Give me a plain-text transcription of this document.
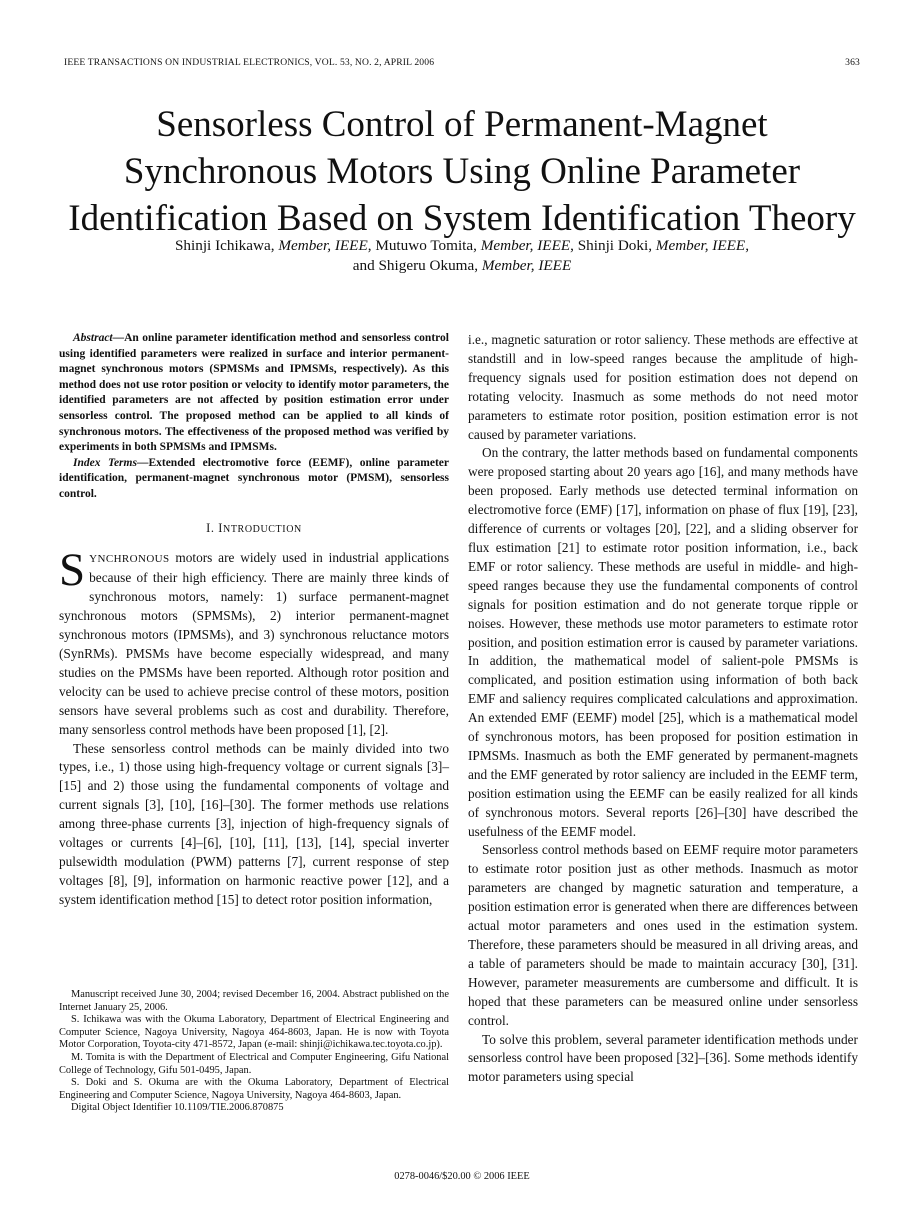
IEEE TRANSACTIONS ON INDUSTRIAL ELECTRONICS, VOL. 53, NO. 2, APRIL 2006	363
Sensorless Control of Permanent-Magnet
Synchronous Motors Using Online Parameter
Identification Based on System Identification Theory
Shinji Ichikawa, Member, IEEE, Mutuwo Tomita, Member, IEEE, Shinji Doki, Member, IEEE,
and Shigeru Okuma, Member, IEEE

Abstract—An online parameter identification method and sensorless control using identified parameters were realized in surface and interior permanent-magnet synchronous motors (SPMSMs and IPMSMs, respectively). As this method does not use rotor position or velocity to identify motor parameters, the identified parameters are not affected by position estimation error under sensorless control. The proposed method can be applied to all kinds of synchronous motors. The effectiveness of the proposed method was verified by experiments in both SPMSMs and IPMSMs.

Index Terms—Extended electromotive force (EEMF), online parameter identification, permanent-magnet synchronous motor (PMSM), sensorless control.

I. INTRODUCTION

SYNCHRONOUS motors are widely used in industrial applications because of their high efficiency. There are mainly three kinds of synchronous motors, namely: 1) surface permanent-magnet synchronous motors (SPMSMs), 2) interior permanent-magnet synchronous motors (IPMSMs), and 3) synchronous reluctance motors (SynRMs). PMSMs have become especially widespread, and many studies on the PMSMs have been reported. Although rotor position and velocity can be used to achieve precise control of these motors, position sensors have several problems such as cost and durability. Therefore, many sensorless control methods have been proposed [1], [2].

These sensorless control methods can be mainly divided into two types, i.e., 1) those using high-frequency voltage or current signals [3]–[15] and 2) those using the fundamental components of voltage and current signals [3], [10], [16]–[30]. The former methods use relations among three-phase currents [3], injection of high-frequency signals of voltages or currents [4]–[6], [10], [11], [13], [14], special inverter pulsewidth modulation (PWM) patterns [7], current response of step voltages [8], [9], information on harmonic reactive power [12], and a system identification method [15] to detect rotor position information,

Manuscript received June 30, 2004; revised December 16, 2004. Abstract published on the Internet January 25, 2006.

S. Ichikawa was with the Okuma Laboratory, Department of Electrical Engineering and Computer Science, Nagoya University, Nagoya 464-8603, Japan. He is now with Toyota Motor Corporation, Toyota-city 471-8572, Japan (e-mail: shinji@ichikawa.tec.toyota.co.jp).

M. Tomita is with the Department of Electrical and Computer Engineering, Gifu National College of Technology, Gifu 501-0495, Japan.

S. Doki and S. Okuma are with the Okuma Laboratory, Department of Electrical Engineering and Computer Science, Nagoya University, Nagoya 464-8603, Japan.

Digital Object Identifier 10.1109/TIE.2006.870875

i.e., magnetic saturation or rotor saliency. These methods are effective at standstill and in low-speed ranges because the amplitude of high-frequency signals used for position estimation does not depend on rotating velocity. Inasmuch as some methods do not need motor parameters to estimate rotor position, position estimation error is not caused by parameter variations.

On the contrary, the latter methods based on fundamental components were proposed starting about 20 years ago [16], and many methods have been proposed. Early methods use detected terminal information on electromotive force (EMF) [17], information on phase of flux [19], [23], difference of currents or voltages [20], [22], and a sliding observer for flux estimation [21] to estimate rotor position information, i.e., back EMF or rotor saliency. These methods are useful in middle- and high-speed ranges because they use the fundamental components of control signals for position estimation and do not generate torque ripple or noises. However, these methods use motor parameters to estimate rotor position, and position estimation error is caused by parameter variations. In addition, the mathematical model of salient-pole PMSMs is complicated, and position estimation using information of both back EMF and saliency requires complicated calculations and approximation. An extended EMF (EEMF) model [25], which is a mathematical model of synchronous motors, has been proposed for position estimation in IPMSMs. Inasmuch as both the EMF generated by permanent-magnets and the EMF generated by rotor saliency are included in the EEMF term, position estimation using the EEMF can be easily realized for all kinds of synchronous motors. Several reports [26]–[30] have described the usefulness of the EEMF model.

Sensorless control methods based on EEMF require motor parameters to estimate rotor position just as other methods. Inasmuch as motor parameters are changed by magnetic saturation and temperature, a position estimation error is generated when there are differences between actual motor parameters and ones used in the estimation system. Therefore, these parameters should be measured in all driving areas, and a table of parameters should be made to maintain accuracy [30], [31]. However, parameter measurements are cumbersome and difficult. It is hoped that these parameters can be measured online under sensorless control.

To solve this problem, several parameter identification methods under sensorless control have been proposed [32]–[36]. Some methods identify motor parameters using special

0278-0046/$20.00 © 2006 IEEE
